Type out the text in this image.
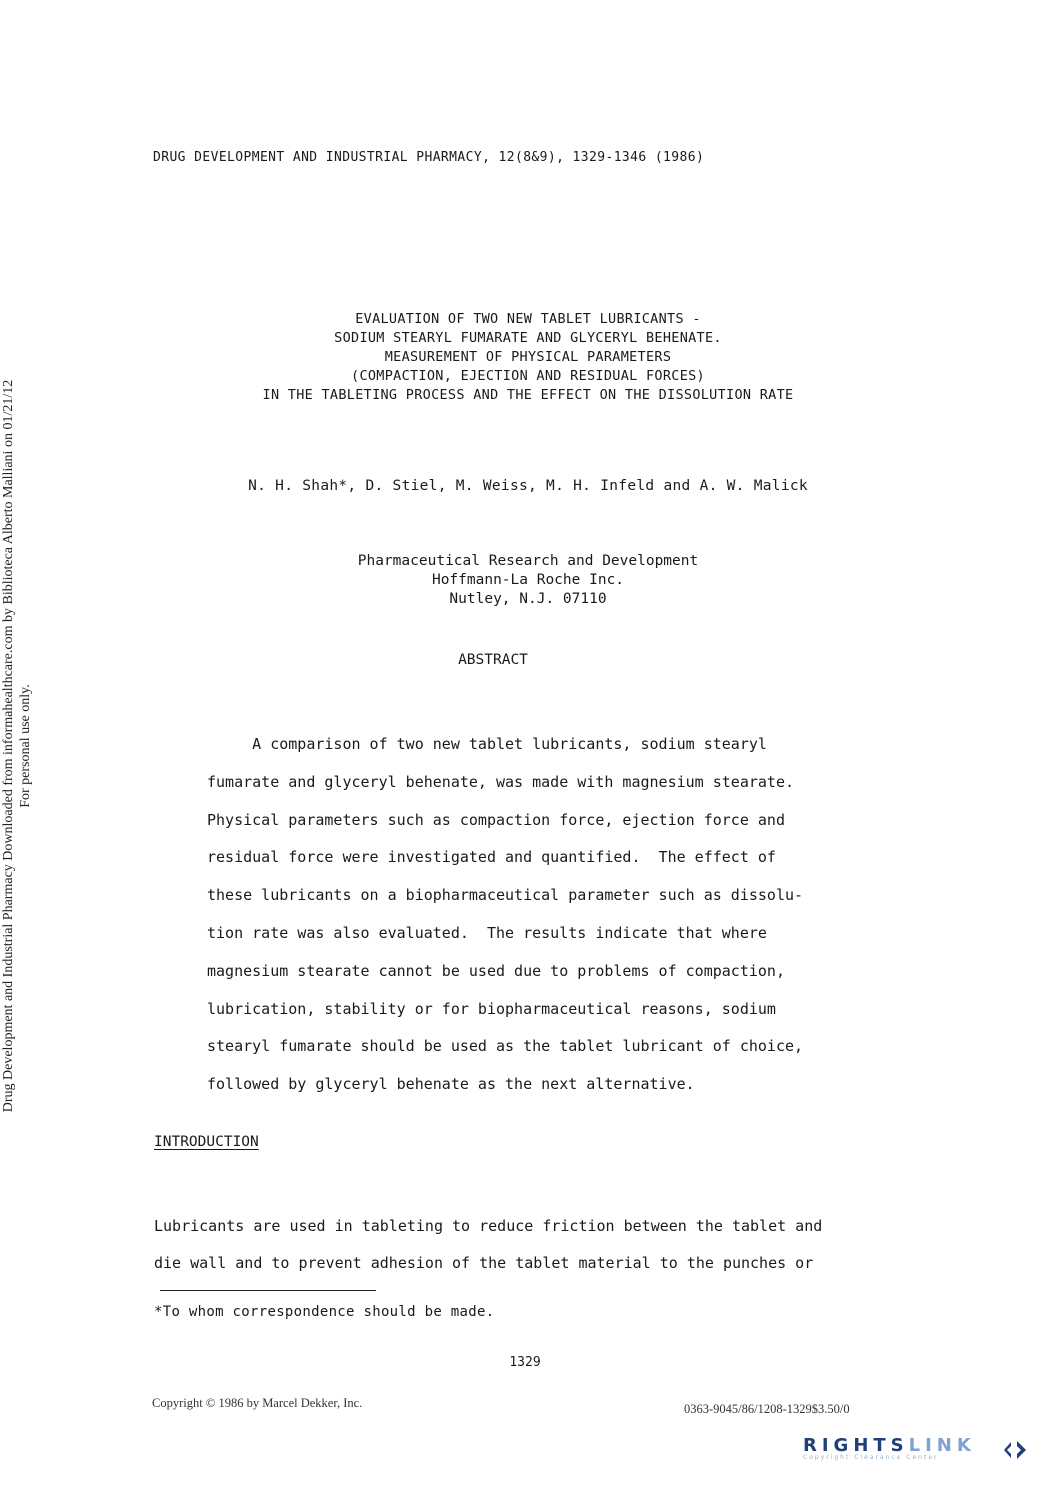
DRUG DEVELOPMENT AND INDUSTRIAL PHARMACY, 12(8&9), 1329-1346 (1986)
EVALUATION OF TWO NEW TABLET LUBRICANTS -
SODIUM STEARYL FUMARATE AND GLYCERYL BEHENATE.
MEASUREMENT OF PHYSICAL PARAMETERS
(COMPACTION, EJECTION AND RESIDUAL FORCES)
IN THE TABLETING PROCESS AND THE EFFECT ON THE DISSOLUTION RATE
N. H. Shah*, D. Stiel, M. Weiss, M. H. Infeld and A. W. Malick
Pharmaceutical Research and Development
Hoffmann-La Roche Inc.
Nutley, N.J. 07110
ABSTRACT
A comparison of two new tablet lubricants, sodium stearyl
fumarate and glyceryl behenate, was made with magnesium stearate.
Physical parameters such as compaction force, ejection force and
residual force were investigated and quantified.  The effect of
these lubricants on a biopharmaceutical parameter such as dissolu-
tion rate was also evaluated.  The results indicate that where
magnesium stearate cannot be used due to problems of compaction,
lubrication, stability or for biopharmaceutical reasons, sodium
stearyl fumarate should be used as the tablet lubricant of choice,
followed by glyceryl behenate as the next alternative.
INTRODUCTION
Lubricants are used in tableting to reduce friction between the tablet and
die wall and to prevent adhesion of the tablet material to the punches or
*To whom correspondence should be made.
1329
Copyright © 1986 by Marcel Dekker, Inc.	0363-9045/86/1208-1329$3.50/0
Drug Development and Industrial Pharmacy Downloaded from informahealthcare.com by Biblioteca Alberto Malliani on 01/21/12 For personal use only.
RIGHTSLINK
Copyright Clearance Center
